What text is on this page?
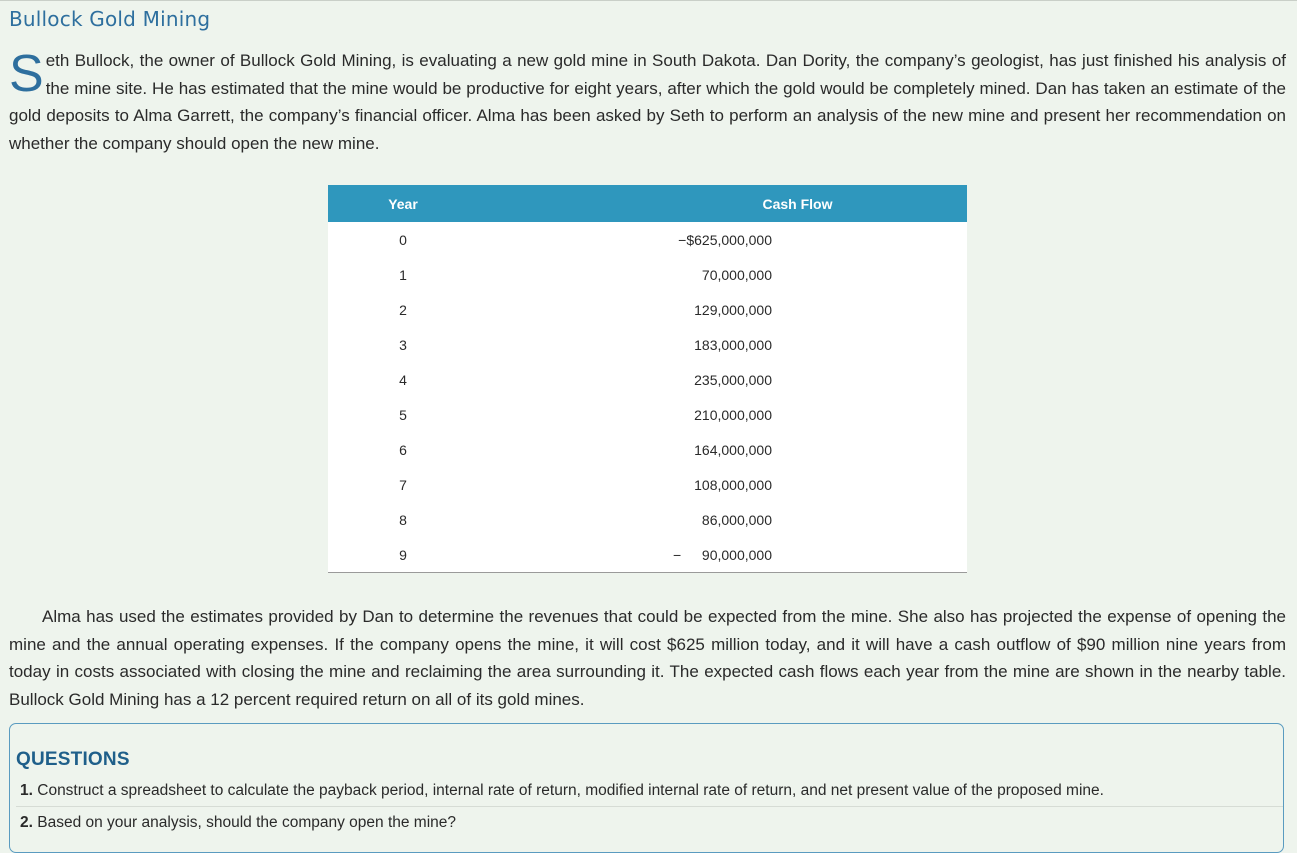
Bullock Gold Mining

Seth Bullock, the owner of Bullock Gold Mining, is evaluating a new gold mine in South Dakota. Dan Dority, the company’s geologist, has just finished his analysis of the mine site. He has estimated that the mine would be productive for eight years, after which the gold would be completely mined. Dan has taken an estimate of the gold deposits to Alma Garrett, the company’s financial officer. Alma has been asked by Seth to perform an analysis of the new mine and present her recommendation on whether the company should open the new mine.

Year	Cash Flow
0	−$625,000,000
1	70,000,000
2	129,000,000
3	183,000,000
4	235,000,000
5	210,000,000
6	164,000,000
7	108,000,000
8	86,000,000
9	− 90,000,000

Alma has used the estimates provided by Dan to determine the revenues that could be expected from the mine. She also has projected the expense of opening the mine and the annual operating expenses. If the company opens the mine, it will cost $625 million today, and it will have a cash outflow of $90 million nine years from today in costs associated with closing the mine and reclaiming the area surrounding it. The expected cash flows each year from the mine are shown in the nearby table. Bullock Gold Mining has a 12 percent required return on all of its gold mines.

QUESTIONS

1. Construct a spreadsheet to calculate the payback period, internal rate of return, modified internal rate of return, and net present value of the proposed mine.

2. Based on your analysis, should the company open the mine?
